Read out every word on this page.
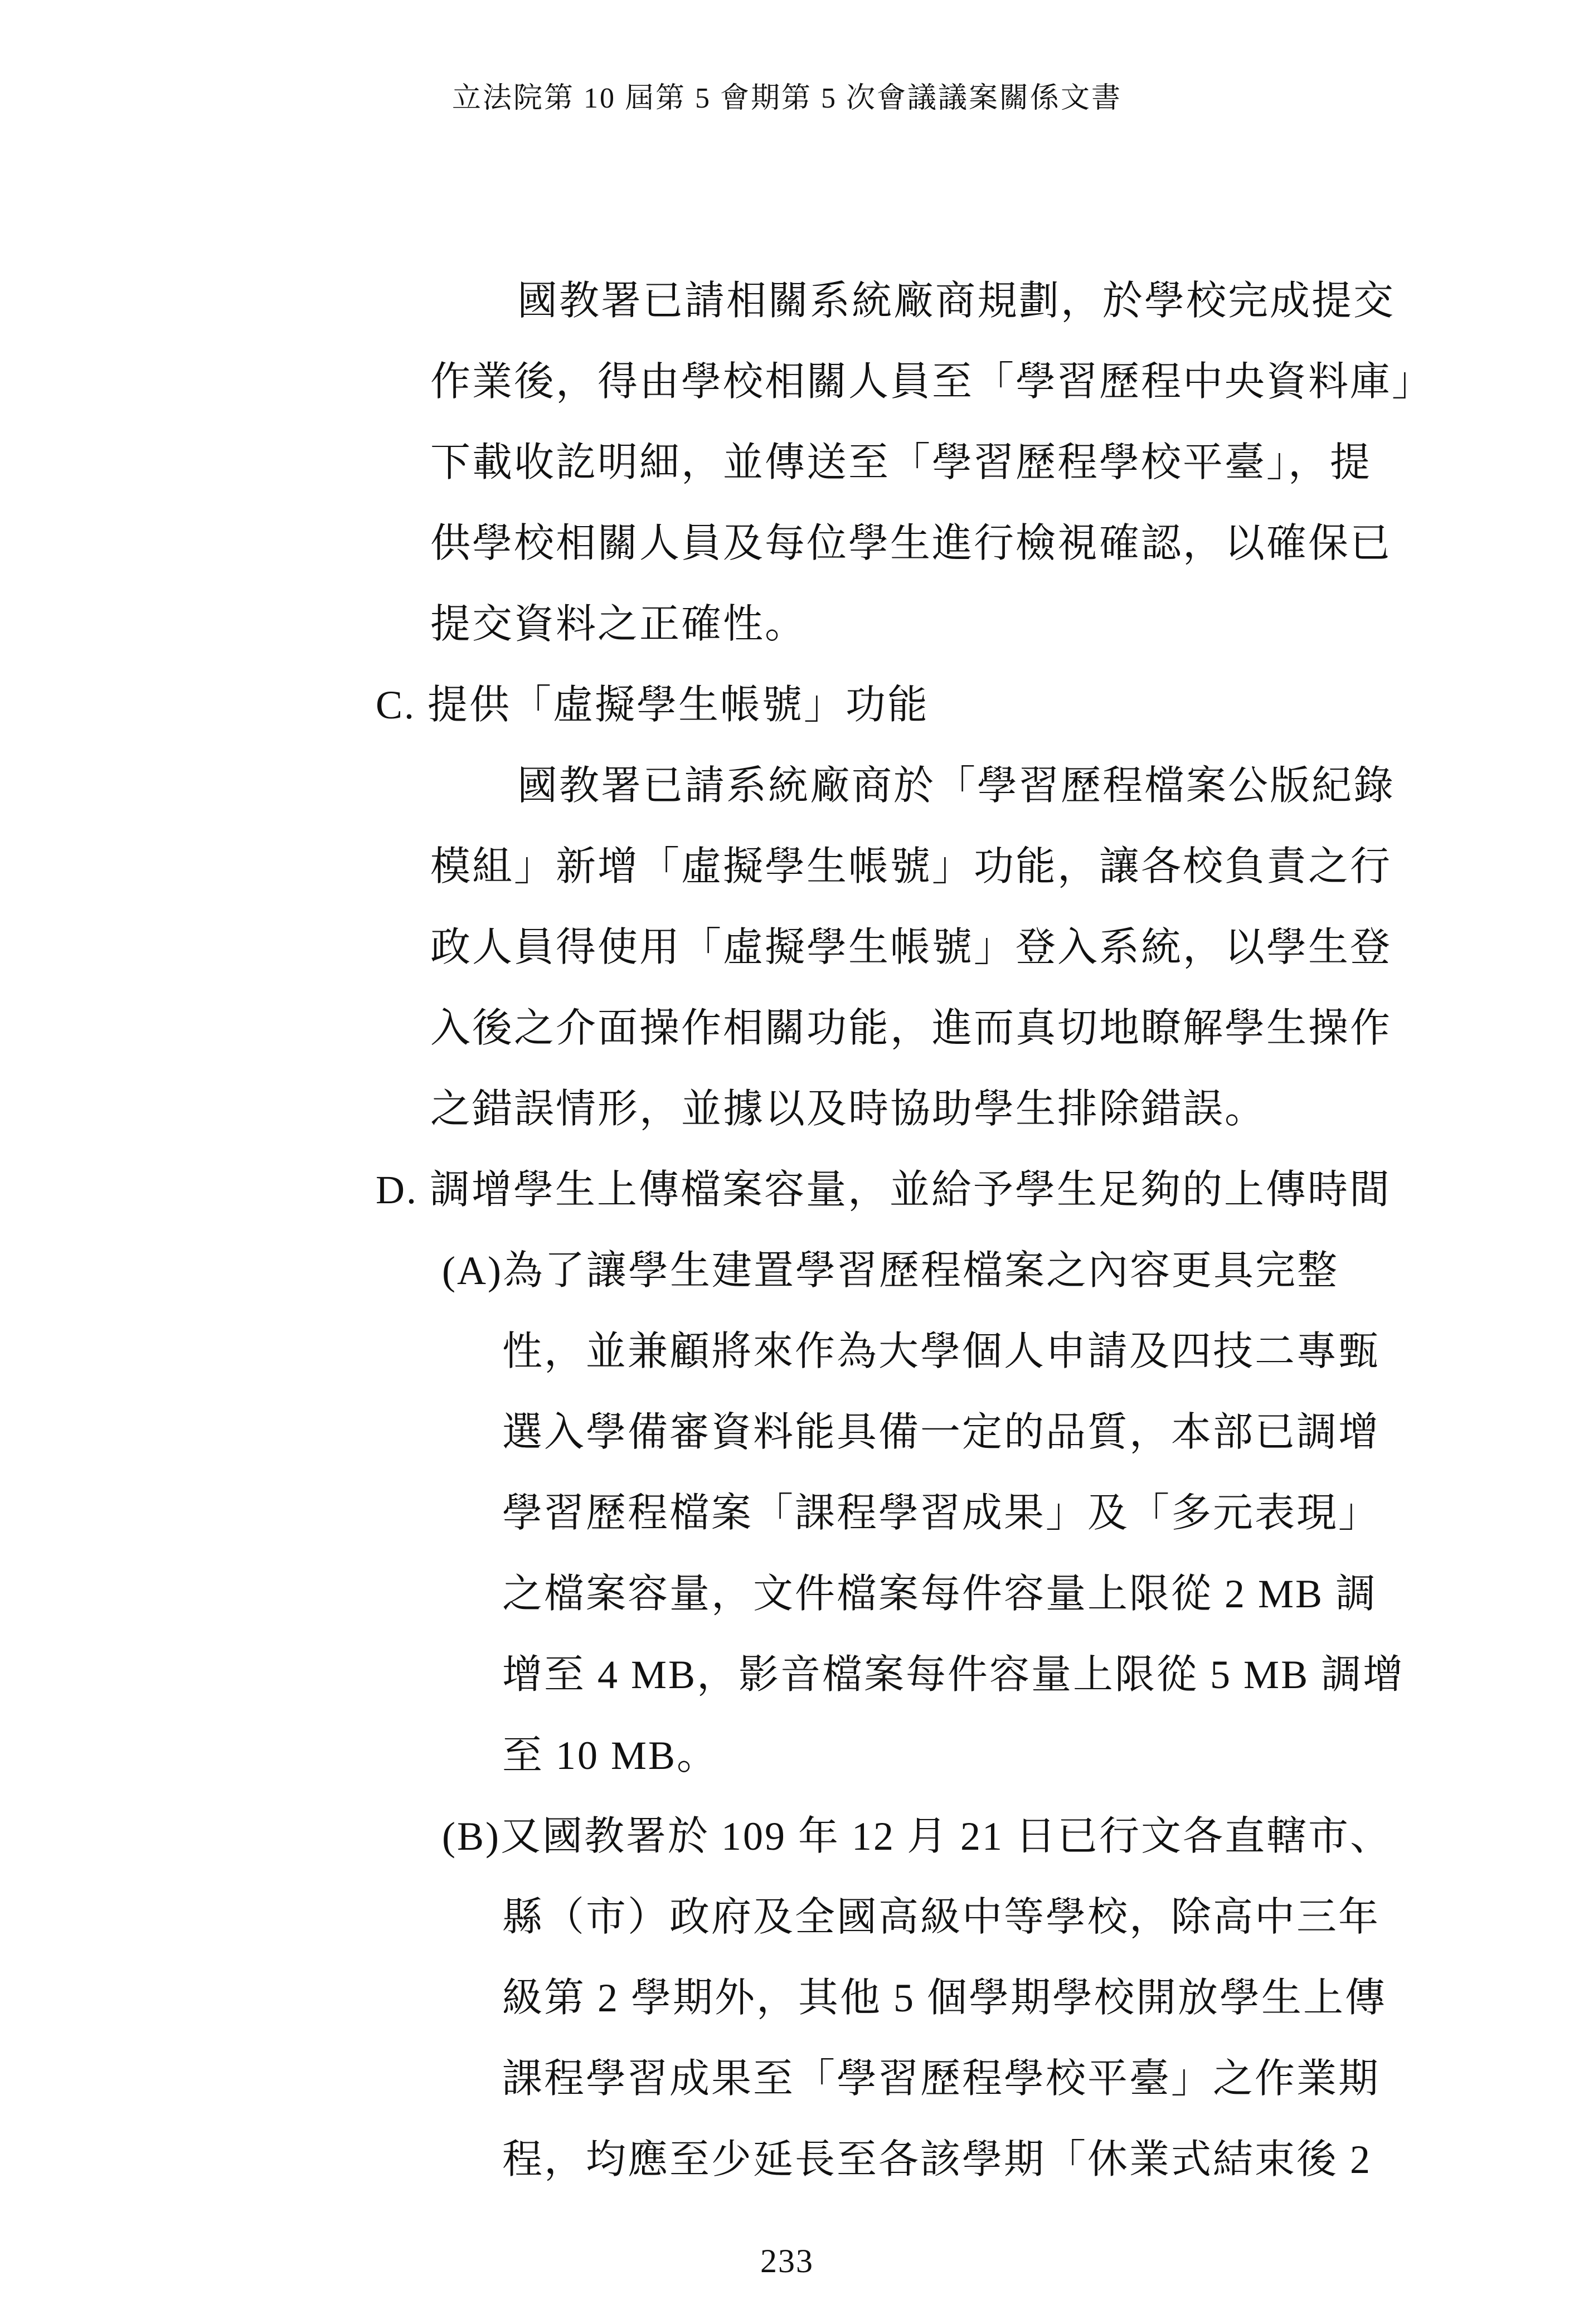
立法院第 10 屆第 5 會期第 5 次會議議案關係文書
國教署已請相關系統廠商規劃，於學校完成提交
作業後，得由學校相關人員至「學習歷程中央資料庫」
下載收訖明細，並傳送至「學習歷程學校平臺」，提
供學校相關人員及每位學生進行檢視確認，以確保已
提交資料之正確性。
C. 提供「虛擬學生帳號」功能
國教署已請系統廠商於「學習歷程檔案公版紀錄
模組」新增「虛擬學生帳號」功能，讓各校負責之行
政人員得使用「虛擬學生帳號」登入系統，以學生登
入後之介面操作相關功能，進而真切地瞭解學生操作
之錯誤情形，並據以及時協助學生排除錯誤。
D. 調增學生上傳檔案容量，並給予學生足夠的上傳時間
(A)為了讓學生建置學習歷程檔案之內容更具完整
性，並兼顧將來作為大學個人申請及四技二專甄
選入學備審資料能具備一定的品質，本部已調增
學習歷程檔案「課程學習成果」及「多元表現」
之檔案容量，文件檔案每件容量上限從 2 MB 調
增至 4 MB，影音檔案每件容量上限從 5 MB 調增
至 10 MB。
(B)又國教署於 109 年 12 月 21 日已行文各直轄市、
縣（市）政府及全國高級中等學校，除高中三年
級第 2 學期外，其他 5 個學期學校開放學生上傳
課程學習成果至「學習歷程學校平臺」之作業期
程，均應至少延長至各該學期「休業式結束後 2
233
